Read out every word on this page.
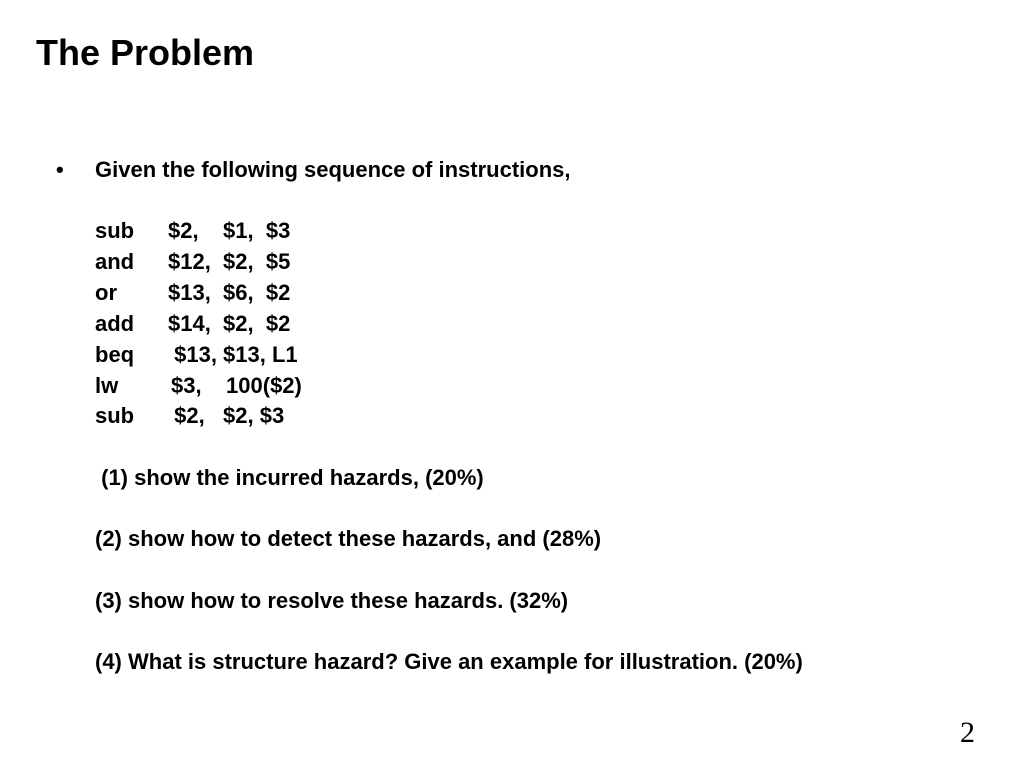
The Problem
• Given the following sequence of instructions,
sub $2,    $1,  $3
and $12,  $2,  $5
or $13,  $6,  $2
add $14,  $2,  $2
beq $13, $13, L1
lw $3,    100($2)
sub $2,   $2, $3
(1) show the incurred hazards, (20%)
(2) show how to detect these hazards, and (28%)
(3) show how to resolve these hazards. (32%)
(4) What is structure hazard? Give an example for illustration. (20%)
2
